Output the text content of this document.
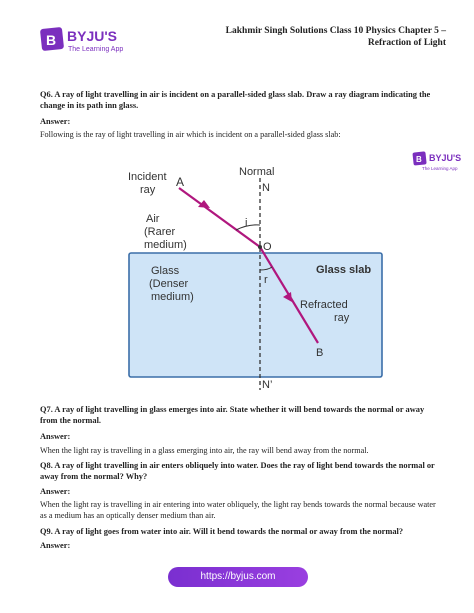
B BYJU'S
The Learning App
Lakhmir Singh Solutions Class 10 Physics Chapter 5 –
Refraction of Light
Q6. A ray of light travelling in air is incident on a parallel-sided glass slab. Draw a ray diagram indicating the change in its path inn glass.
Answer:
Following is the ray of light travelling in air which is incident on a parallel-sided glass slab:
Incident ray
A
Normal
N
i
Air (Rarer medium)	O
Glass (Denser medium)
Glass slab
r
Refracted ray
B
N’
B BYJU'S
The Learning App
Q7. A ray of light travelling in glass emerges into air. State whether it will bend towards the normal or away from the normal.
Answer:
When the light ray is travelling in a glass emerging into air, the ray will bend away from the normal.
Q8. A ray of light travelling in air enters obliquely into water. Does the ray of light bend towards the normal or away from the normal? Why?
Answer:
When the light ray is travelling in air entering into water obliquely, the light ray bends towards the normal because water as a medium has an optically denser medium than air.
Q9. A ray of light goes from water into air. Will it bend towards the normal or away from the normal?
Answer:
https://byjus.com
